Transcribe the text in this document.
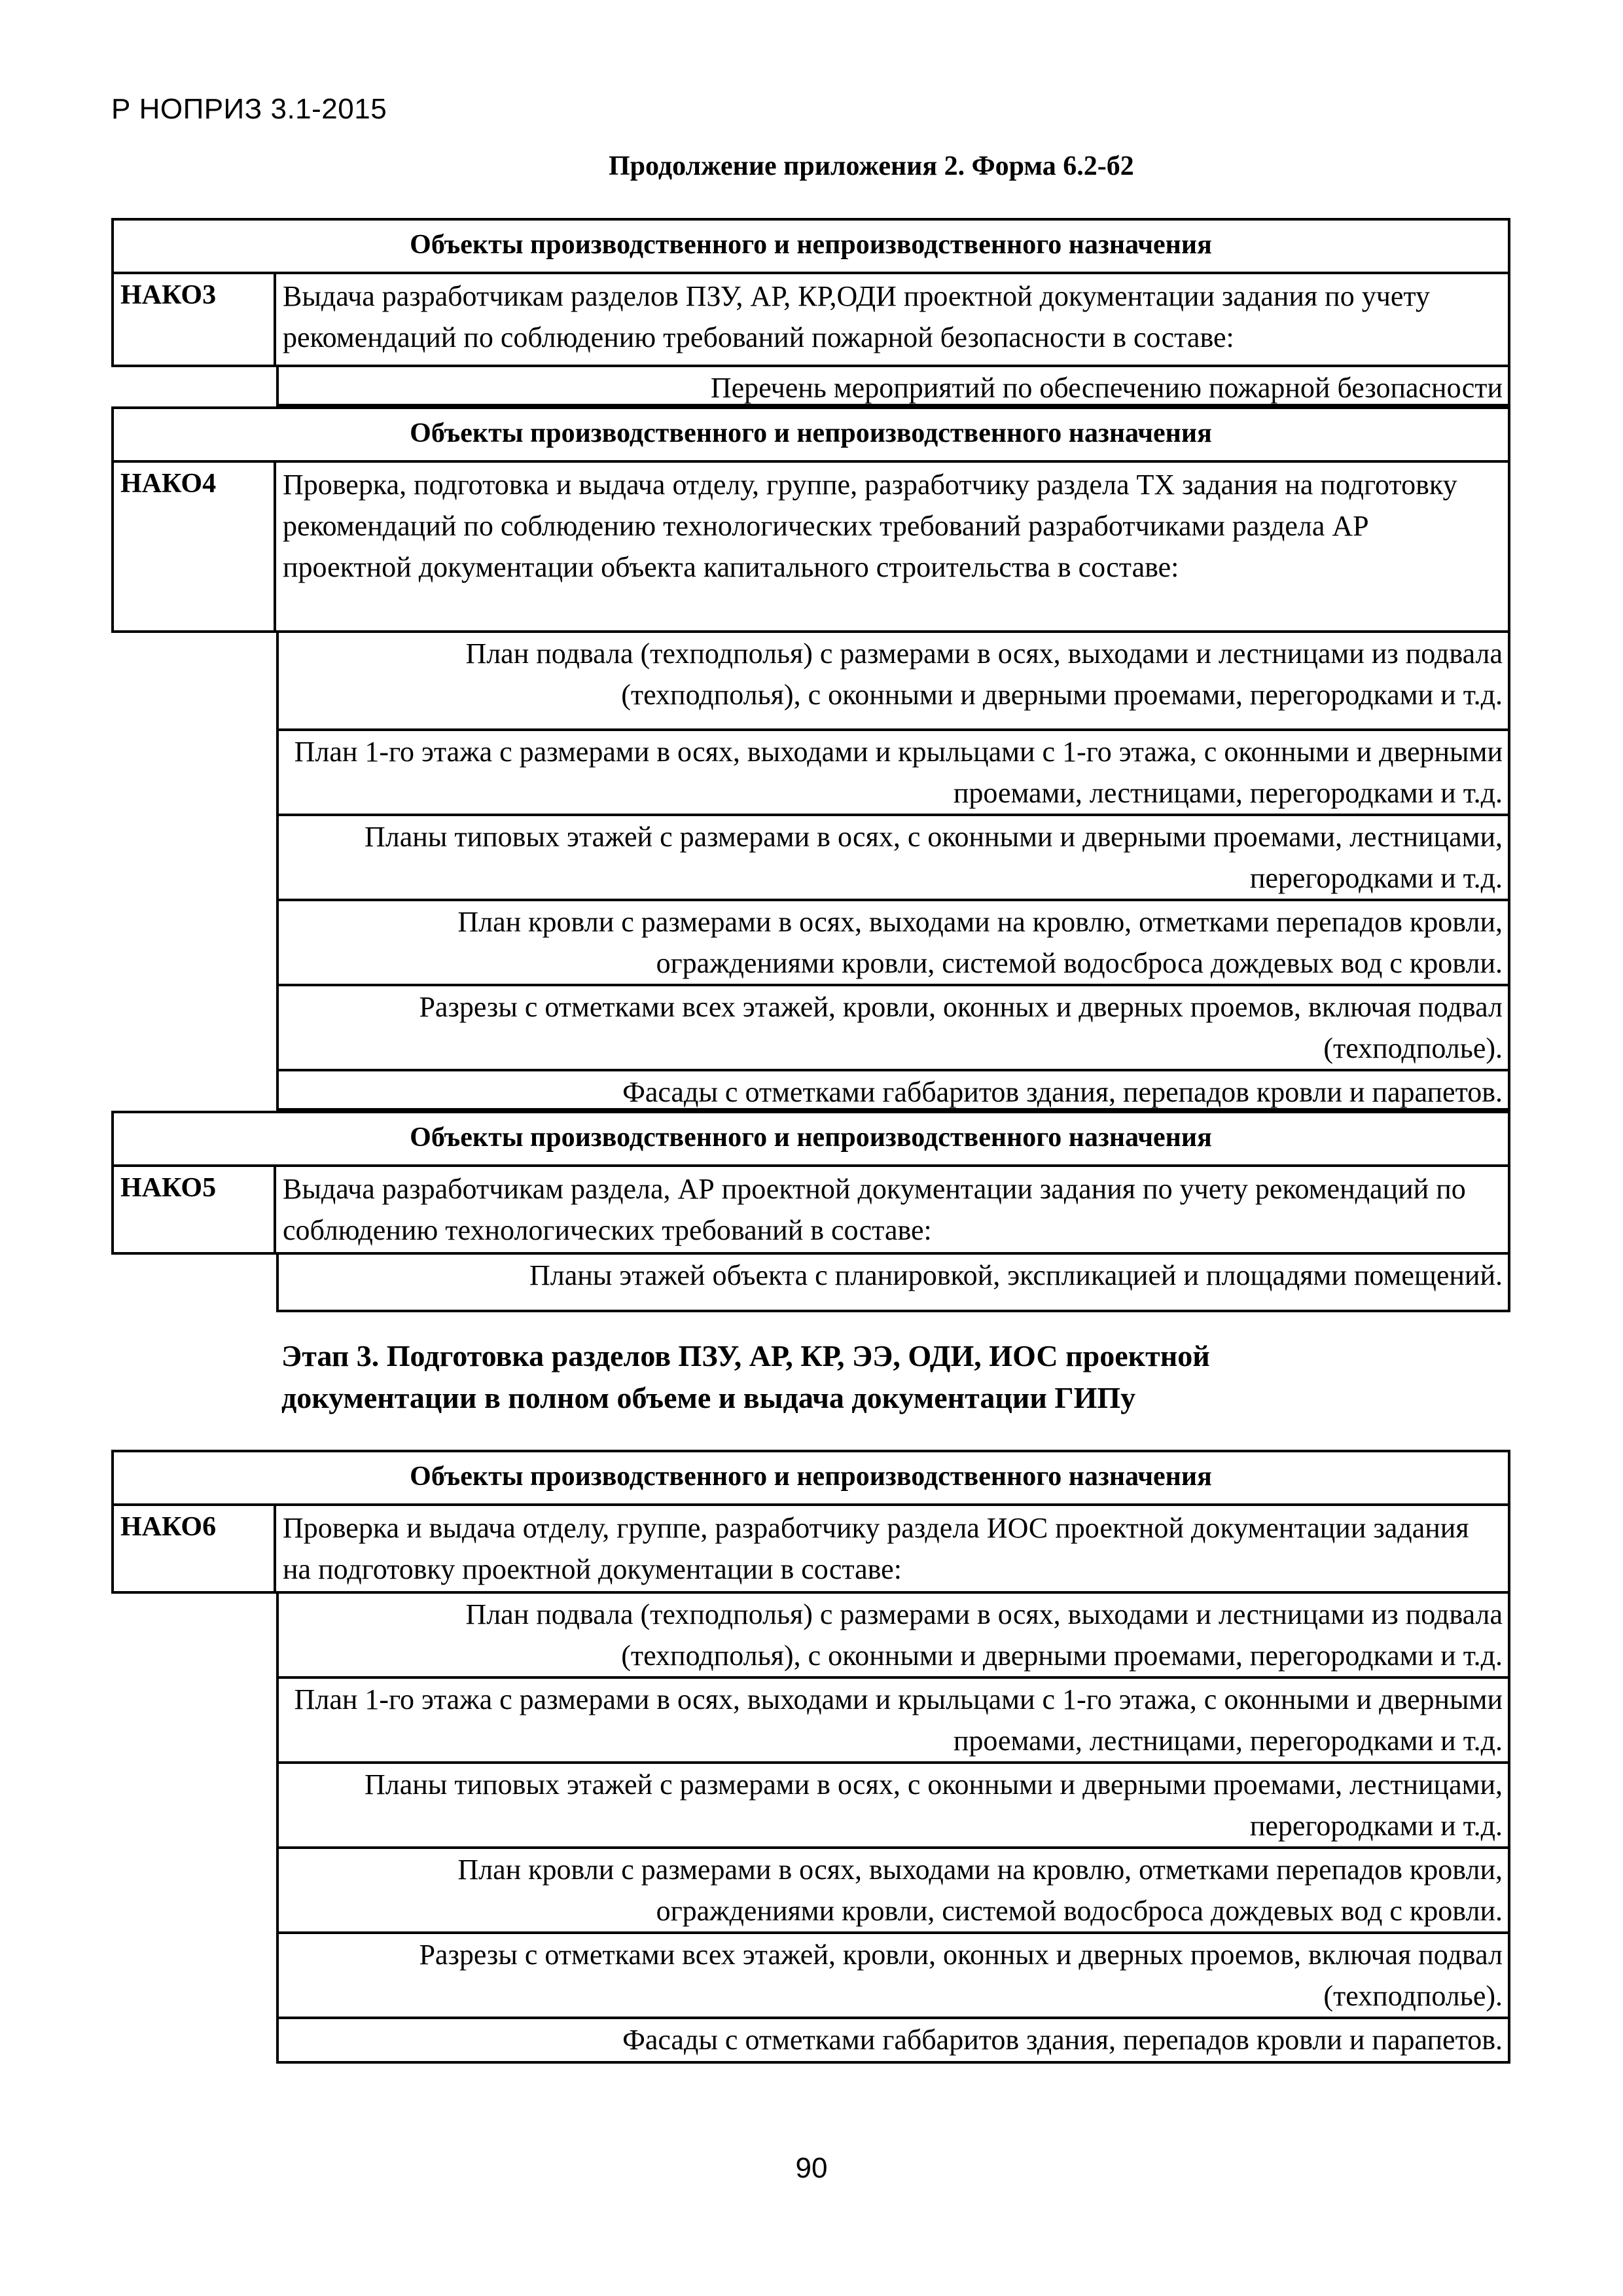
Р НОПРИЗ 3.1-2015
Продолжение приложения 2. Форма 6.2-б2
Объекты производственного и непроизводственного назначения
НАКО3	Выдача разработчикам разделов ПЗУ, АР, КР,ОДИ проектной документации задания по учету рекомендаций по соблюдению требований пожарной безопасности в составе:
Перечень мероприятий по обеспечению пожарной безопасности
Объекты производственного и непроизводственного назначения
НАКО4	Проверка, подготовка и выдача отделу, группе, разработчику раздела ТХ задания на подготовку рекомендаций по соблюдению технологических требований разработчиками раздела АР проектной документации объекта капитального строительства в составе:
План подвала (техподполья) с размерами в осях, выходами и лестницами из подвала (техподполья), с оконными и дверными проемами, перегородками и т.д.
План 1-го этажа с размерами в осях, выходами и крыльцами с 1-го этажа, с оконными и дверными проемами, лестницами, перегородками и т.д.
Планы типовых этажей с размерами в осях, с оконными и дверными проемами, лестницами, перегородками и т.д.
План кровли с размерами в осях, выходами на кровлю, отметками перепадов кровли, ограждениями кровли, системой водосброса дождевых вод с кровли.
Разрезы с отметками всех этажей, кровли, оконных и дверных проемов, включая подвал (техподполье).
Фасады с отметками габбаритов здания, перепадов кровли и парапетов.
Объекты производственного и непроизводственного назначения
НАКО5	Выдача разработчикам раздела, АР проектной документации задания по учету рекомендаций по соблюдению технологических требований в составе:
Планы этажей объекта с планировкой, экспликацией и площадями помещений.
Этап 3. Подготовка разделов ПЗУ, АР, КР, ЭЭ, ОДИ, ИОС проектной документации в полном объеме и выдача документации ГИПу
Объекты производственного и непроизводственного назначения
НАКО6	Проверка и выдача отделу, группе, разработчику раздела ИОС проектной документации задания на подготовку проектной документации в составе:
План подвала (техподполья) с размерами в осях, выходами и лестницами из подвала (техподполья), с оконными и дверными проемами, перегородками и т.д.
План 1-го этажа с размерами в осях, выходами и крыльцами с 1-го этажа, с оконными и дверными проемами, лестницами, перегородками и т.д.
Планы типовых этажей с размерами в осях, с оконными и дверными проемами, лестницами, перегородками и т.д.
План кровли с размерами в осях, выходами на кровлю, отметками перепадов кровли, ограждениями кровли, системой водосброса дождевых вод с кровли.
Разрезы с отметками всех этажей, кровли, оконных и дверных проемов, включая подвал (техподполье).
Фасады с отметками габбаритов здания, перепадов кровли и парапетов.
90
